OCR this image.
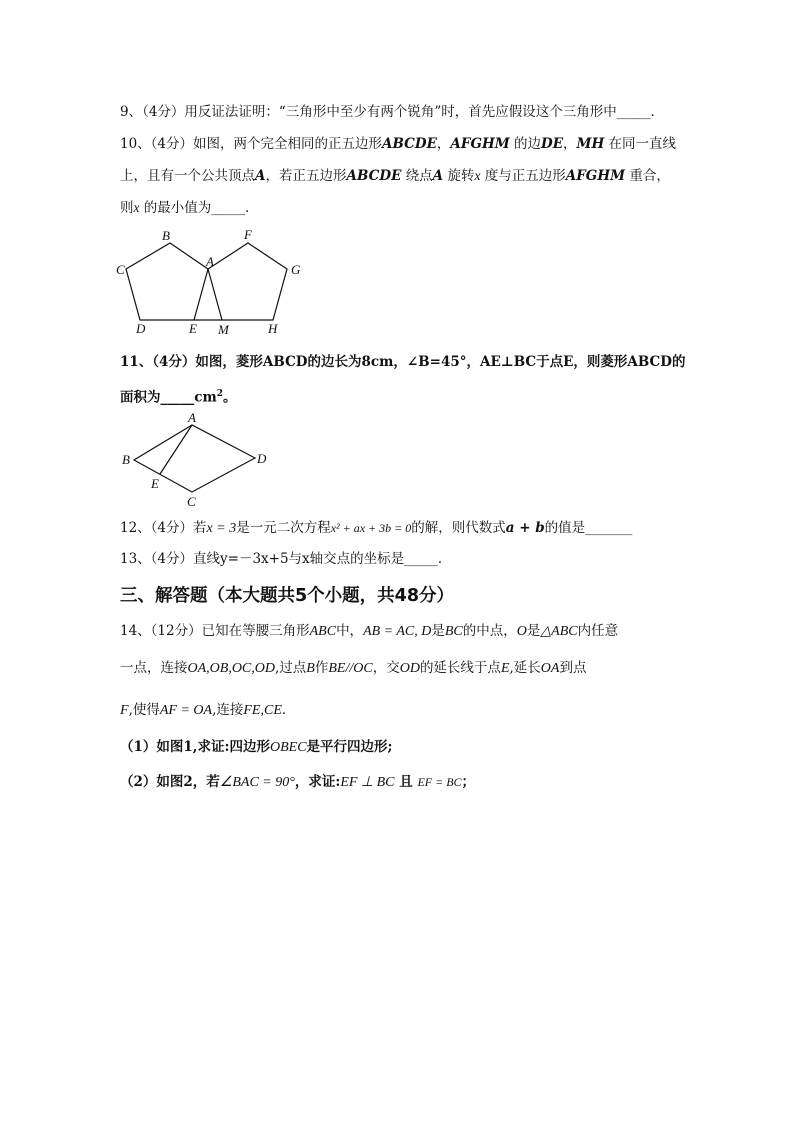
9、（4分）用反证法证明：“三角形中至少有两个锐角”时，首先应假设这个三角形中_____．
10、（4分）如图，两个完全相同的正五边形ABCDE，AFGHM 的边DE，MH 在同一直线
上，且有一个公共顶点A，若正五边形ABCDE 绕点A 旋转x 度与正五边形AFGHM 重合，
则x 的最小值为_____．
B	F
A
C	G
D	E M	H
11、（4分）如图，菱形ABCD的边长为8cm，∠B=45°，AE⊥BC于点E，则菱形ABCD的
面积为$\_\_\_\_\_cm^2$。
A
B	D
E
C
12、（4分）若x = 3是一元二次方程x² + ax + 3b = 0的解，则代数式a + b的值是_______
13、（4分）直线y=－3x+5与x轴交点的坐标是_____．
三、解答题（本大题共5个小题，共48分）
14、（12分）已知在等腰三角形ABC中，AB = AC, D是BC的中点，O是△ABC内任意
一点，连接OA,OB,OC,OD,过点B作BE//OC，交OD的延长线于点E,延长OA到点
F,使得AF = OA,连接FE,CE．
（1）如图1,求证:四边形OBEC是平行四边形;
（2）如图2，若∠BAC = 90°，求证:EF ⊥ BC 且 EF = BC；
